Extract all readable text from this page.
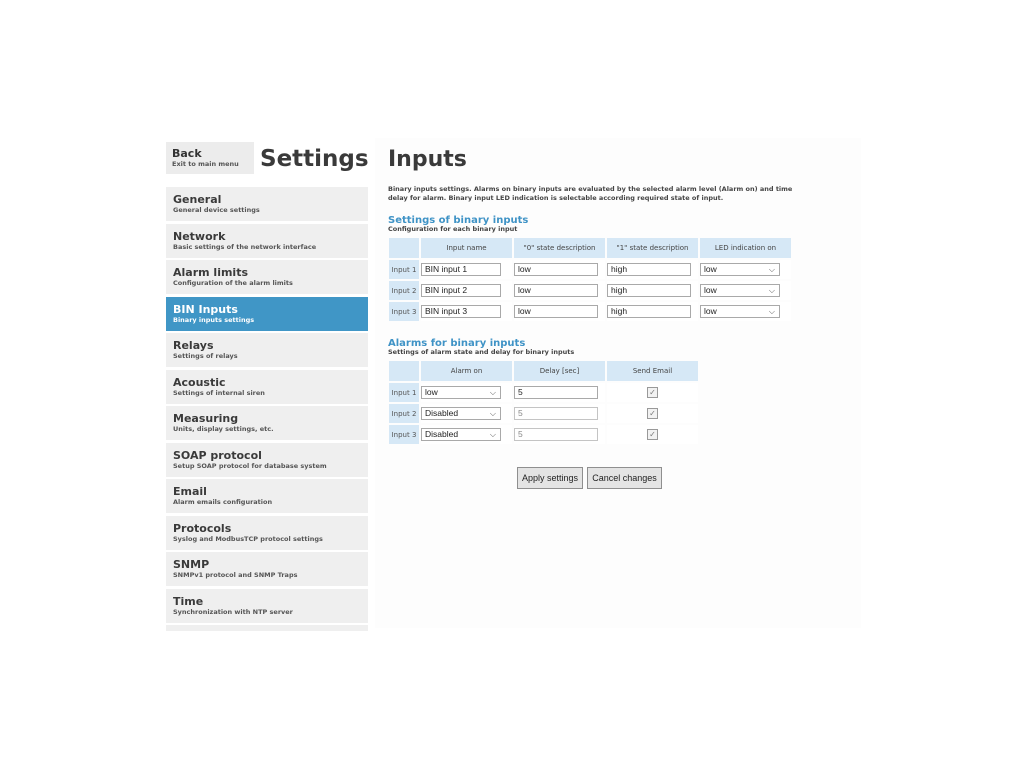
Back
Exit to main menu Settings
General
General device settings
Network
Basic settings of the network interface
Alarm limits
Configuration of the alarm limits
BIN Inputs
Binary inputs settings
Relays
Settings of relays
Acoustic
Settings of internal siren
Measuring
Units, display settings, etc.
SOAP protocol
Setup SOAP protocol for database system
Email
Alarm emails configuration
Protocols
Syslog and ModbusTCP protocol settings
SNMP
SNMPv1 protocol and SNMP Traps
Time
Synchronization with NTP server
Inputs
Binary inputs settings. Alarms on binary inputs are evaluated by the selected alarm level (Alarm on) and time delay for alarm. Binary input LED indication is selectable according required state of input.
Settings of binary inputs
Configuration for each binary input
	Input name	"0" state description	"1" state description	LED indication on
Input 1	BIN input 1	low	high	low ⌵

Input 2	BIN input 2	low	high	low ⌵

Input 3	BIN input 3	low	high	low ⌵
Alarms for binary inputs
Settings of alarm state and delay for binary inputs
	Alarm on	Delay [sec]	Send Email
Input 1	low ⌵	5	✓
Input 2	Disabled ⌵	5	✓
Input 3	Disabled ⌵	5	✓
Apply settings	Cancel changes
